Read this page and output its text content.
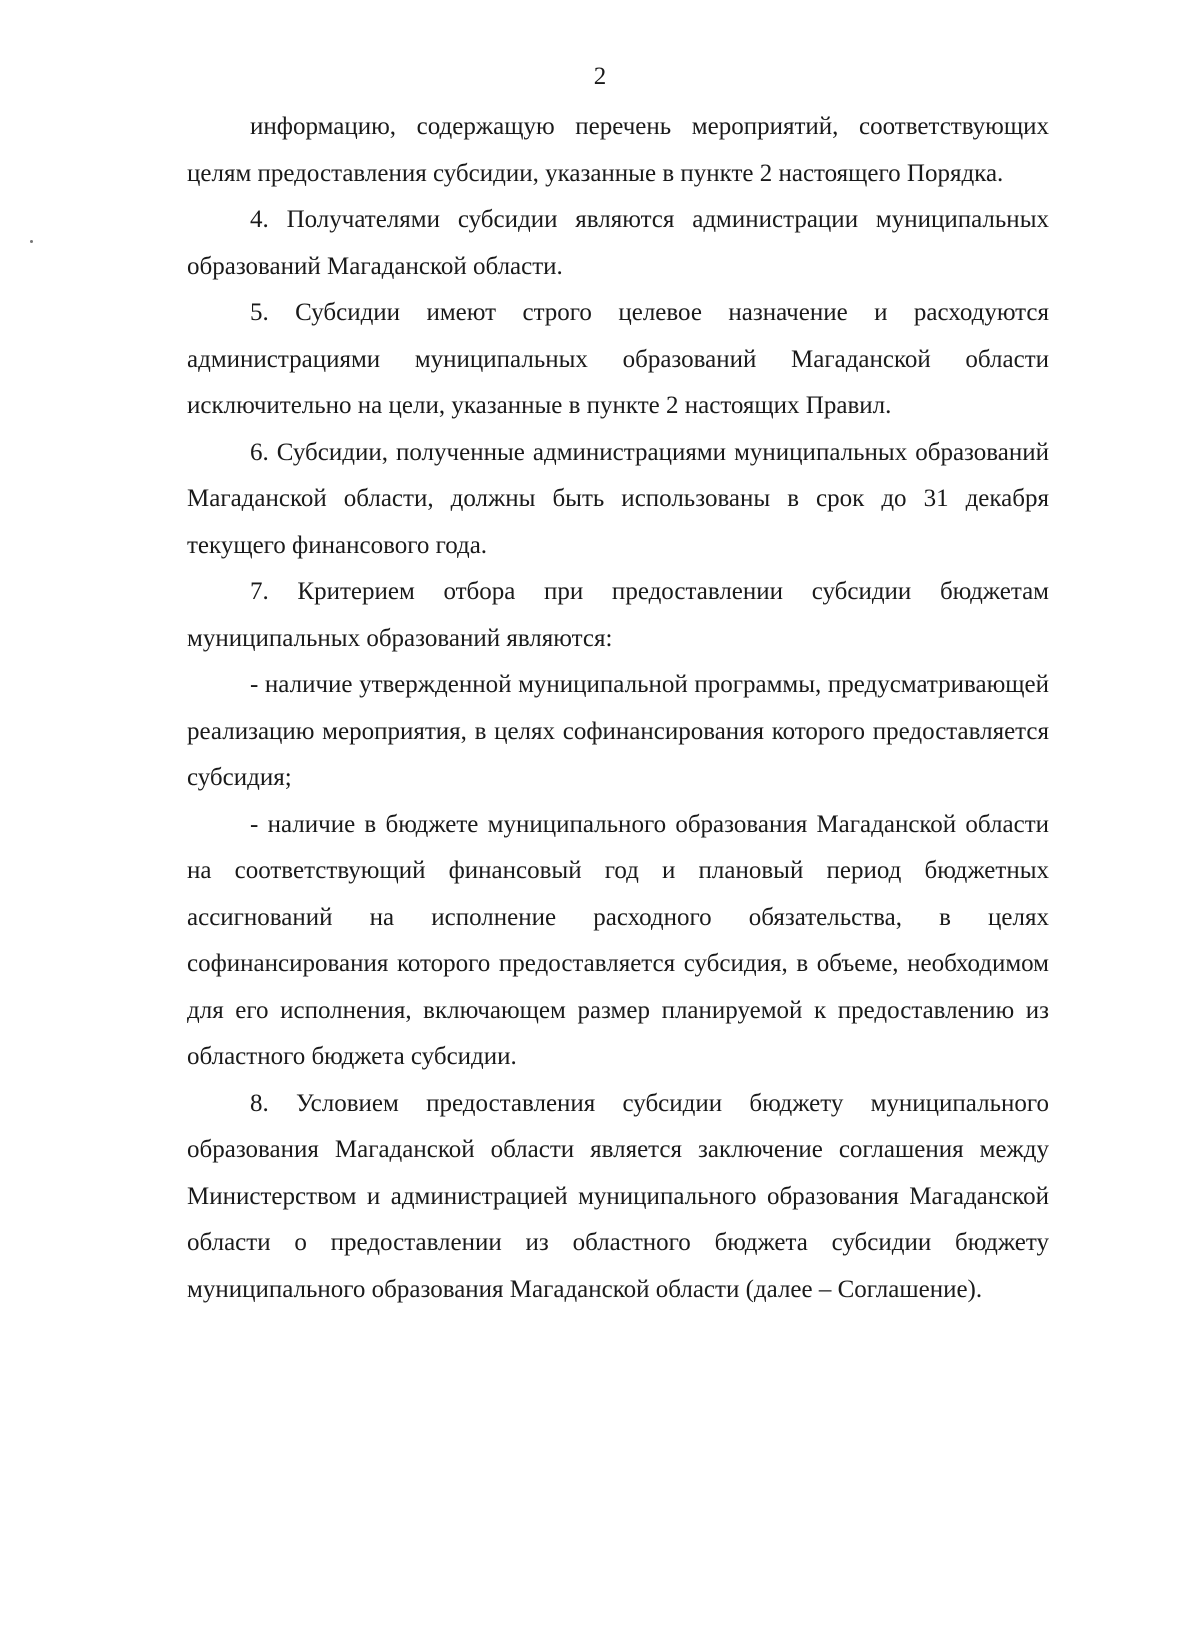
2

информацию, содержащую перечень мероприятий, соответствующих целям предоставления субсидии, указанные в пункте 2 настоящего Порядка.

4. Получателями субсидии являются администрации муниципальных образований Магаданской области.

5. Субсидии имеют строго целевое назначение и расходуются администрациями муниципальных образований Магаданской области исключительно на цели, указанные в пункте 2 настоящих Правил.

6. Субсидии, полученные администрациями муниципальных образований Магаданской области, должны быть использованы в срок до 31 декабря текущего финансового года.

7. Критерием отбора при предоставлении субсидии бюджетам муниципальных образований являются:

- наличие утвержденной муниципальной программы, предусматривающей реализацию мероприятия, в целях софинансирования которого предоставляется субсидия;

- наличие в бюджете муниципального образования Магаданской области на соответствующий финансовый год и плановый период бюджетных ассигнований на исполнение расходного обязательства, в целях софинансирования которого предоставляется субсидия, в объеме, необходимом для его исполнения, включающем размер планируемой к предоставлению из областного бюджета субсидии.

8. Условием предоставления субсидии бюджету муниципального образования Магаданской области является заключение соглашения между Министерством и администрацией муниципального образования Магаданской области о предоставлении из областного бюджета субсидии бюджету муниципального образования Магаданской области (далее – Соглашение).
